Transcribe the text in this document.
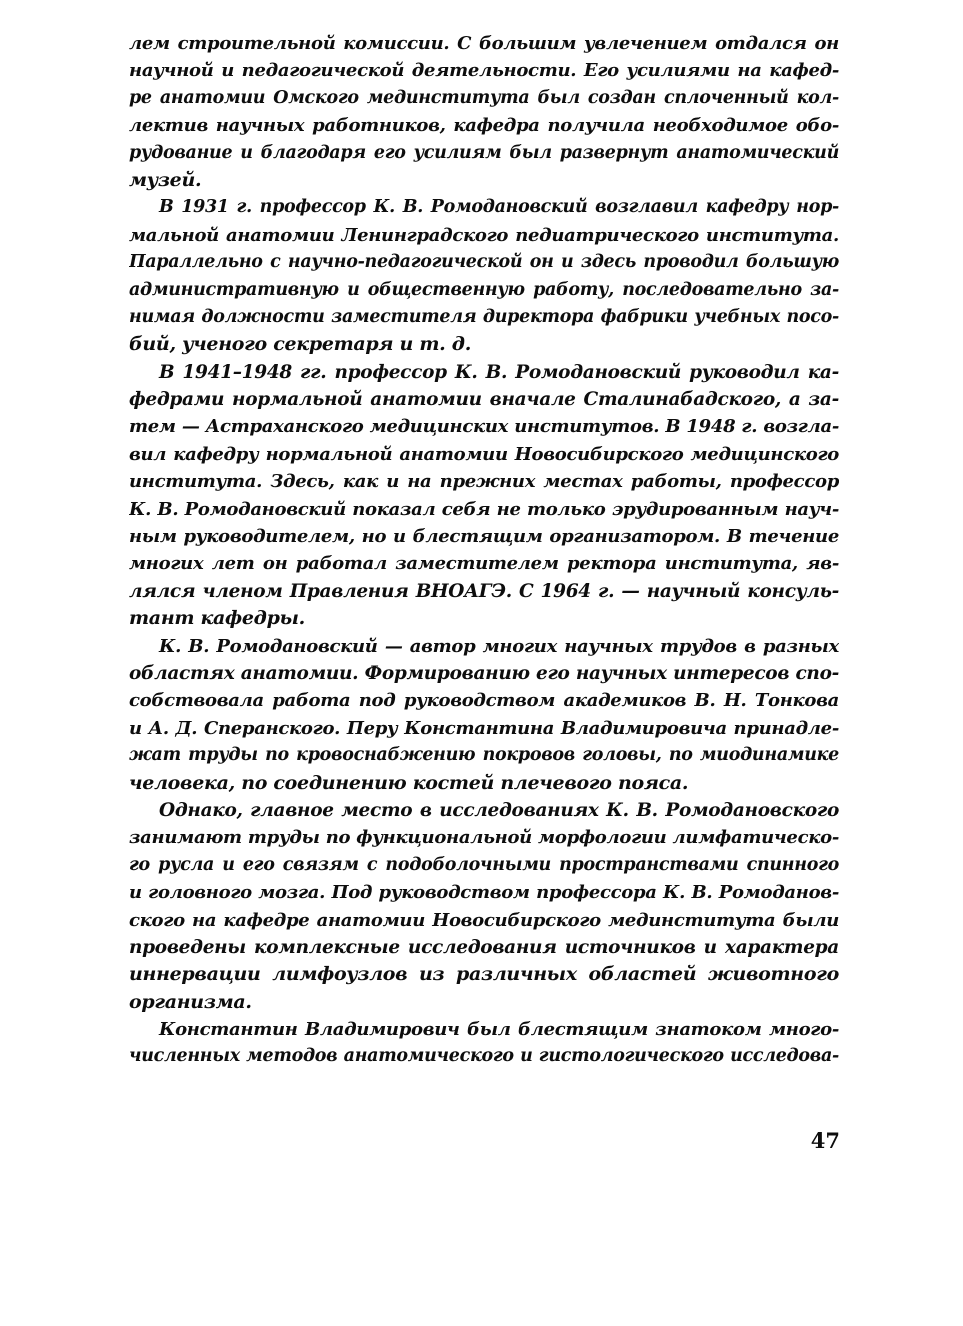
лем строительной комиссии. С большим увлечением отдался он
научной и педагогической деятельности. Его усилиями на кафед-
ре анатомии Омского мединститута был создан сплоченный кол-
лектив научных работников, кафедра получила необходимое обо-
рудование и благодаря его усилиям был развернут анатомический
музей.
В 1931 г. профессор К. В. Ромодановский возглавил кафедру нор-
мальной анатомии Ленинградского педиатрического института.
Параллельно с научно-педагогической он и здесь проводил большую
административную и общественную работу, последовательно за-
нимая должности заместителя директора фабрики учебных посо-
бий, ученого секретаря и т. д.
В 1941–1948 гг. профессор К. В. Ромодановский руководил ка-
федрами нормальной анатомии вначале Сталинабадского, а за-
тем — Астраханского медицинских институтов. В 1948 г. возгла-
вил кафедру нормальной анатомии Новосибирского медицинского
института. Здесь, как и на прежних местах работы, профессор
К. В. Ромодановский показал себя не только эрудированным науч-
ным руководителем, но и блестящим организатором. В течение
многих лет он работал заместителем ректора института, яв-
лялся членом Правления ВНОАГЭ. С 1964 г. — научный консуль-
тант кафедры.
К. В. Ромодановский — автор многих научных трудов в разных
областях анатомии. Формированию его научных интересов спо-
собствовала работа под руководством академиков В. Н. Тонкова
и А. Д. Сперанского. Перу Константина Владимировича принадле-
жат труды по кровоснабжению покровов головы, по миодинамике
человека, по соединению костей плечевого пояса.
Однако, главное место в исследованиях К. В. Ромодановского
занимают труды по функциональной морфологии лимфатическо-
го русла и его связям с подоболочными пространствами спинного
и головного мозга. Под руководством профессора К. В. Ромоданов-
ского на кафедре анатомии Новосибирского мединститута были
проведены комплексные исследования источников и характера
иннервации лимфоузлов из различных областей животного
организма.
Константин Владимирович был блестящим знатоком много-
численных методов анатомического и гистологического исследова-
47
